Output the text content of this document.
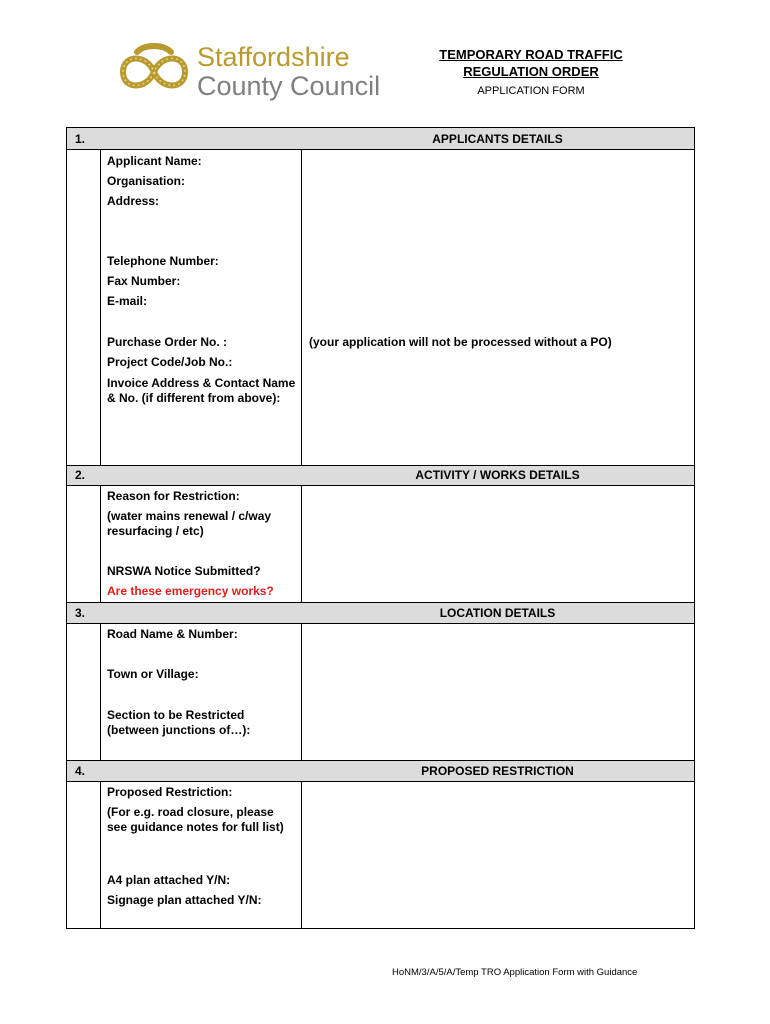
Staffordshire
County Council
TEMPORARY ROAD TRAFFIC
REGULATION ORDER
APPLICATION FORM
1.	APPLICANTS DETAILS
Applicant Name:
Organisation:
Address:
Telephone Number:
Fax Number:
E-mail:
Purchase Order No. :	(your application will not be processed without a PO)
Project Code/Job No.:
Invoice Address & Contact Name & No. (if different from above):
2.	ACTIVITY / WORKS DETAILS
Reason for Restriction:
(water mains renewal / c/way resurfacing / etc)
NRSWA Notice Submitted?
Are these emergency works?
3.	LOCATION DETAILS
Road Name & Number:
Town or Village:
Section to be Restricted (between junctions of…):
4.	PROPOSED RESTRICTION
Proposed Restriction:
(For e.g. road closure, please see guidance notes for full list)
A4 plan attached Y/N:
Signage plan attached Y/N:
HoNM/3/A/5/A/Temp TRO Application Form with Guidance
